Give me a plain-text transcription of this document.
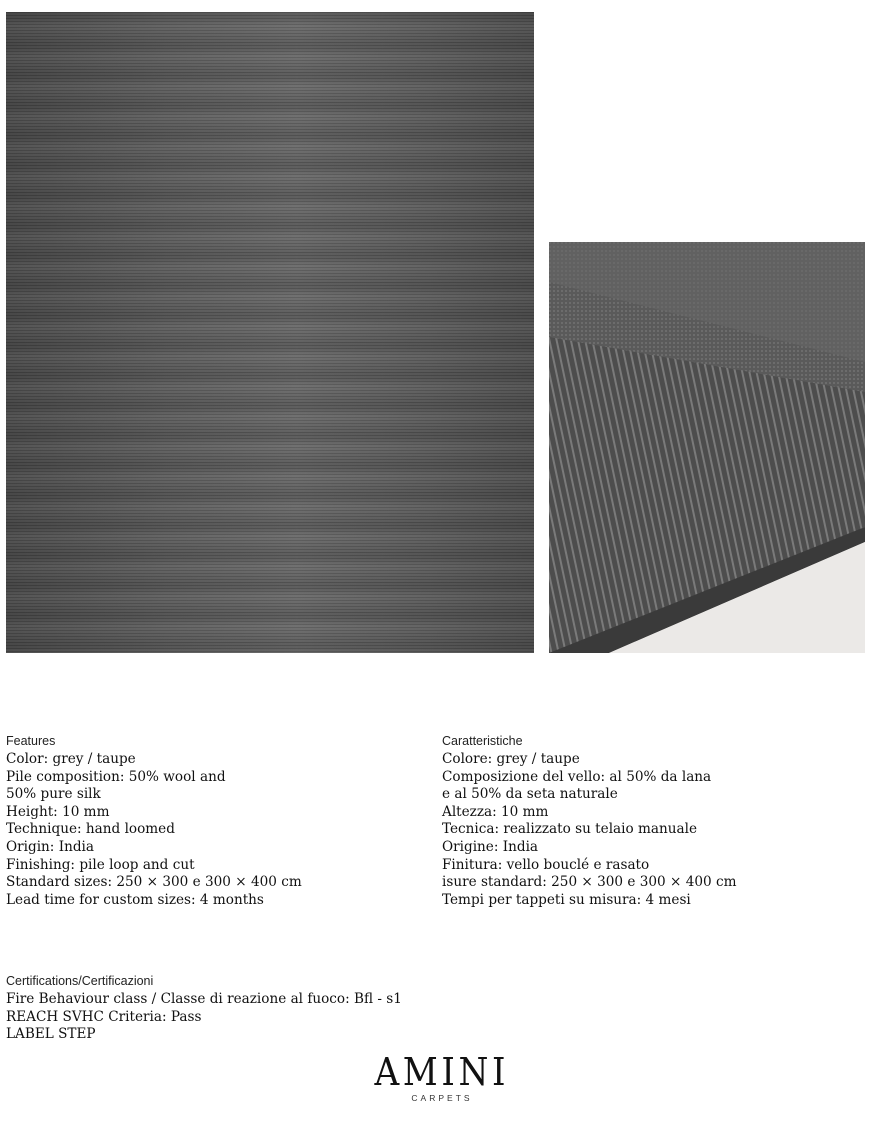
Features
Color: grey / taupe
Pile composition: 50% wool and
50% pure silk
Height: 10 mm
Technique: hand loomed
Origin: India
Finishing: pile loop and cut
Standard sizes: 250 × 300 e 300 × 400 cm
Lead time for custom sizes: 4 months
Caratteristiche
Colore: grey / taupe
Composizione del vello: al 50% da lana
e al 50% da seta naturale
Altezza: 10 mm
Tecnica: realizzato su telaio manuale
Origine: India
Finitura: vello bouclé e rasato
isure standard: 250 × 300 e 300 × 400 cm
Tempi per tappeti su misura: 4 mesi
Certifications/Certificazioni
Fire Behaviour class / Classe di reazione al fuoco: Bfl - s1
REACH SVHC Criteria: Pass
LABEL STEP
AMINI
CARPETS
